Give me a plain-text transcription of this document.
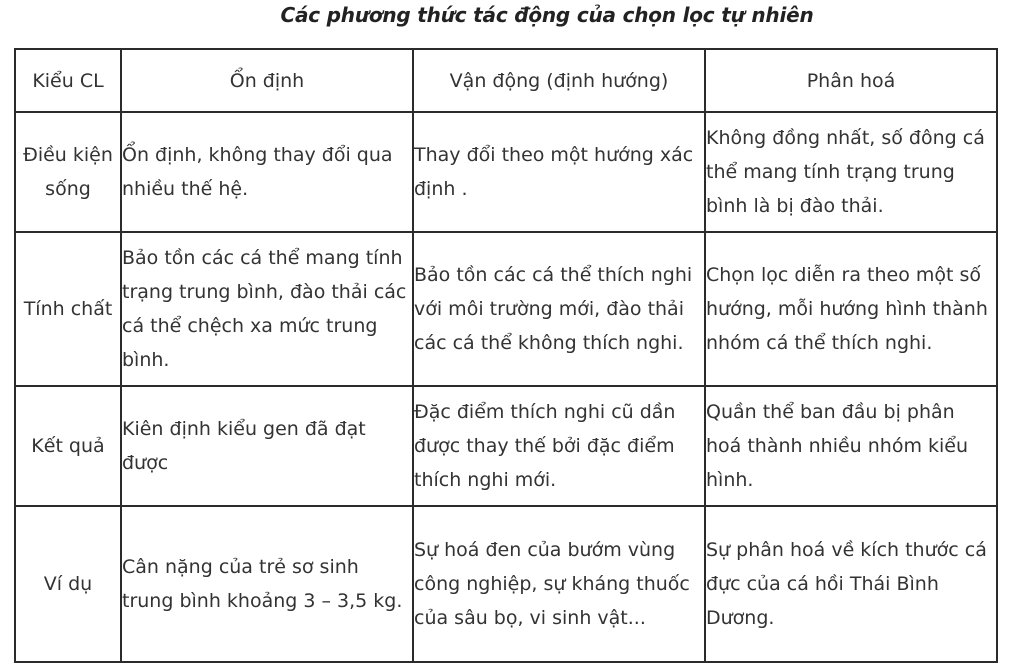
Các phương thức tác động của chọn lọc tự nhiên
Kiểu CL	Ổn định	Vận động (định hướng)	Phân hoá
Điều kiện sống	Ổn định, không thay đổi qua nhiều thế hệ.	Thay đổi theo một hướng xác định .	Không đồng nhất, số đông cá thể mang tính trạng trung bình là bị đào thải.
Tính chất	Bảo tồn các cá thể mang tính trạng trung bình, đào thải các cá thể chệch xa mức trung bình.	Bảo tồn các cá thể thích nghi với môi trường mới, đào thải các cá thể không thích nghi.	Chọn lọc diễn ra theo một số hướng, mỗi hướng hình thành nhóm cá thể thích nghi.
Kết quả	Kiên định kiểu gen đã đạt được	Đặc điểm thích nghi cũ dần được thay thế bởi đặc điểm thích nghi mới.	Quần thể ban đầu bị phân hoá thành nhiều nhóm kiểu hình.
Ví dụ	Cân nặng của trẻ sơ sinh trung bình khoảng 3 – 3,5 kg.	Sự hoá đen của bướm vùng công nghiệp, sự kháng thuốc của sâu bọ, vi sinh vật...	Sự phân hoá về kích thước cá đực của cá hồi Thái Bình Dương.
